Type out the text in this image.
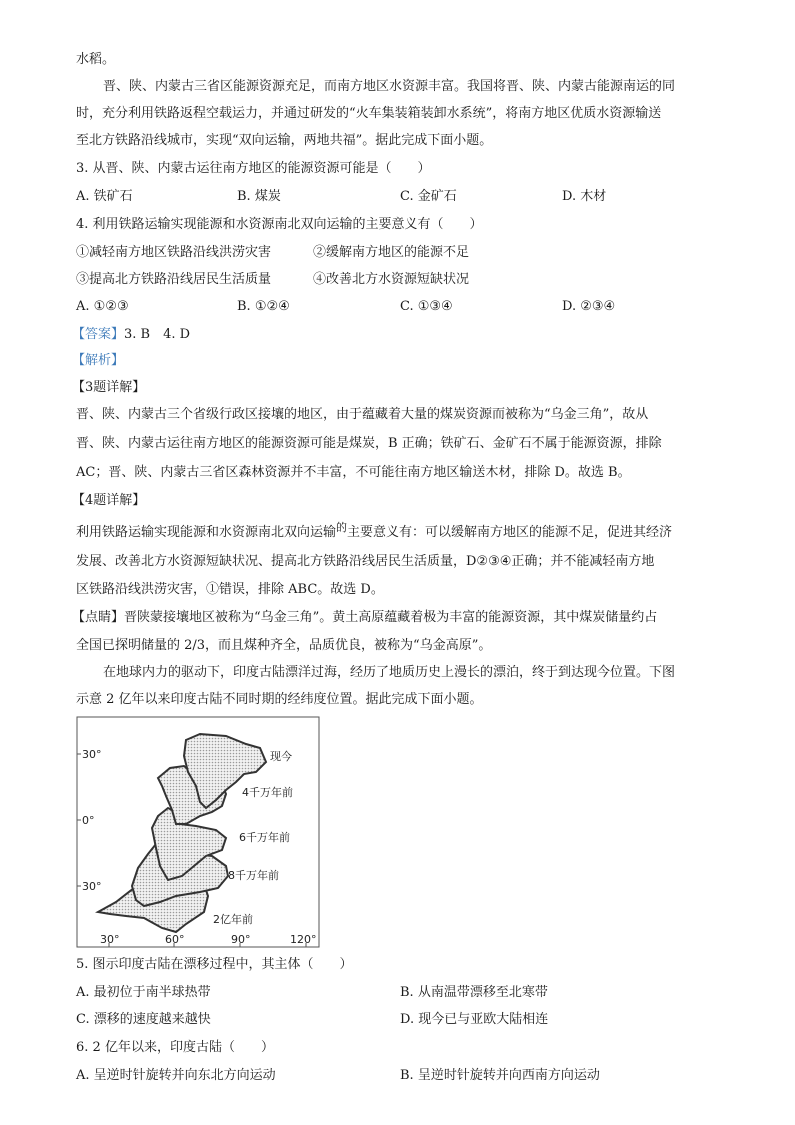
水稻。
晋、陕、内蒙古三省区能源资源充足，而南方地区水资源丰富。我国将晋、陕、内蒙古能源南运的同
时，充分利用铁路返程空载运力，并通过研发的“火车集装箱装卸水系统”，将南方地区优质水资源输送
至北方铁路沿线城市，实现“双向运输，两地共福”。据此完成下面小题。
3. 从晋、陕、内蒙古运往南方地区的能源资源可能是（　　）
A. 铁矿石	B. 煤炭	C. 金矿石	D. 木材
4. 利用铁路运输实现能源和水资源南北双向运输的主要意义有（　　）
①减轻南方地区铁路沿线洪涝灾害	②缓解南方地区的能源不足
③提高北方铁路沿线居民生活质量	④改善北方水资源短缺状况
A. ①②③	B. ①②④	C. ①③④	D. ②③④
【答案】3. B　4. D
【解析】
【3题详解】
晋、陕、内蒙古三个省级行政区接壤的地区，由于蕴藏着大量的煤炭资源而被称为“乌金三角”，故从
晋、陕、内蒙古运往南方地区的能源资源可能是煤炭，B 正确；铁矿石、金矿石不属于能源资源，排除
AC；晋、陕、内蒙古三省区森林资源并不丰富，不可能往南方地区输送木材，排除 D。故选 B。
【4题详解】
利用铁路运输实现能源和水资源南北双向运输$^的$主要意义有：可以缓解南方地区的能源不足，促进其经济
发展、改善北方水资源短缺状况、提高北方铁路沿线居民生活质量，D②③④正确；并不能减轻南方地
区铁路沿线洪涝灾害，①错误，排除 ABC。故选 D。
【点睛】晋陕蒙接壤地区被称为“乌金三角”。黄土高原蕴藏着极为丰富的能源资源，其中煤炭储量约占
全国已探明储量的 2/3，而且煤种齐全，品质优良，被称为“乌金高原”。
在地球内力的驱动下，印度古陆漂洋过海，经历了地质历史上漫长的漂泊，终于到达现今位置。下图
示意 2 亿年以来印度古陆不同时期的经纬度位置。据此完成下面小题。
30°
0°
30°
30°	60°	90°	120°
现今
4千万年前
6千万年前
8千万年前
2亿年前
5. 图示印度古陆在漂移过程中，其主体（　　）
A. 最初位于南半球热带	B. 从南温带漂移至北寒带
C. 漂移的速度越来越快	D. 现今已与亚欧大陆相连
6. 2 亿年以来，印度古陆（　　）
A. 呈逆时针旋转并向东北方向运动	B. 呈逆时针旋转并向西南方向运动
